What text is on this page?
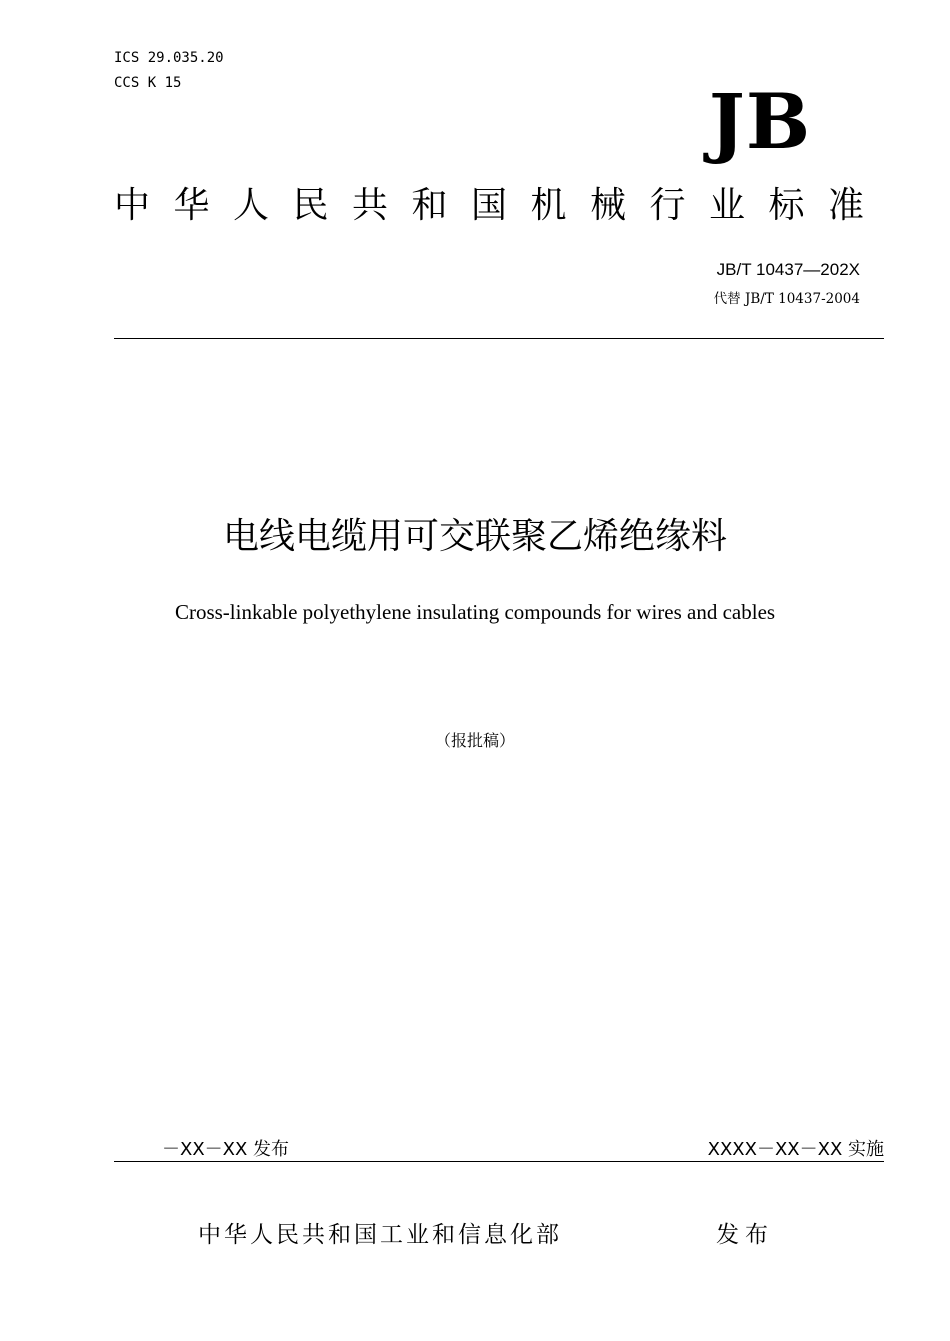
ICS 29.035.20
CCS K 15	JB
中华人民共和国机械行业标准
JB/T 10437—202X
代替 JB/T 10437-2004
电线电缆用可交联聚乙烯绝缘料
Cross-linkable polyethylene insulating compounds for wires and cables
（报批稿）
－XX－XX 发布	XXXX－XX－XX 实施
中华人民共和国工业和信息化部	发布
